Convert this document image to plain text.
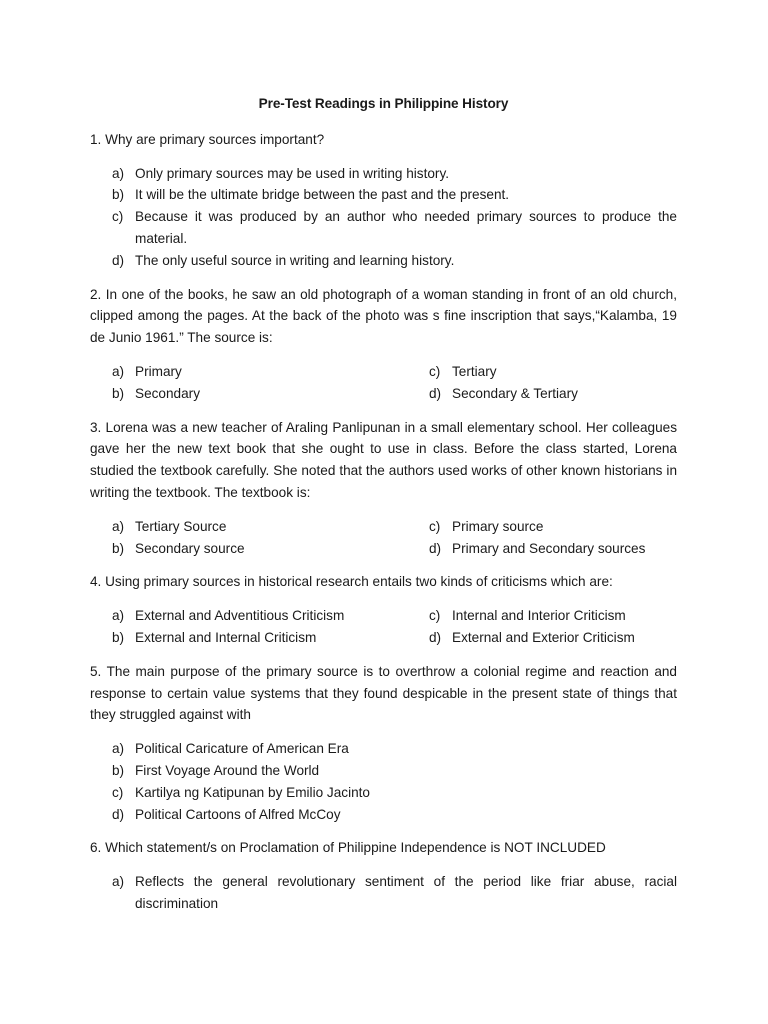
Pre-Test Readings in Philippine History

1. Why are primary sources important?

a) Only primary sources may be used in writing history.
b) It will be the ultimate bridge between the past and the present.
c) Because it was produced by an author who needed primary sources to produce the material.
d) The only useful source in writing and learning history.

2. In one of the books, he saw an old photograph of a woman standing in front of an old church, clipped among the pages. At the back of the photo was s fine inscription that says,“Kalamba, 19 de Junio 1961.” The source is:

a) Primary	c) Tertiary
b) Secondary	d) Secondary & Tertiary

3. Lorena was a new teacher of Araling Panlipunan in a small elementary school. Her colleagues gave her the new text book that she ought to use in class. Before the class started, Lorena studied the textbook carefully. She noted that the authors used works of other known historians in writing the textbook. The textbook is:

a) Tertiary Source	c) Primary source
b) Secondary source	d) Primary and Secondary sources

4. Using primary sources in historical research entails two kinds of criticisms which are:

a) External and Adventitious Criticism	c) Internal and Interior Criticism
b) External and Internal Criticism	d) External and Exterior Criticism

5. The main purpose of the primary source is to overthrow a colonial regime and reaction and response to certain value systems that they found despicable in the present state of things that they struggled against with

a) Political Caricature of American Era
b) First Voyage Around the World
c) Kartilya ng Katipunan by Emilio Jacinto
d) Political Cartoons of Alfred McCoy

6. Which statement/s on Proclamation of Philippine Independence is NOT INCLUDED

a) Reflects the general revolutionary sentiment of the period like friar abuse, racial discrimination
